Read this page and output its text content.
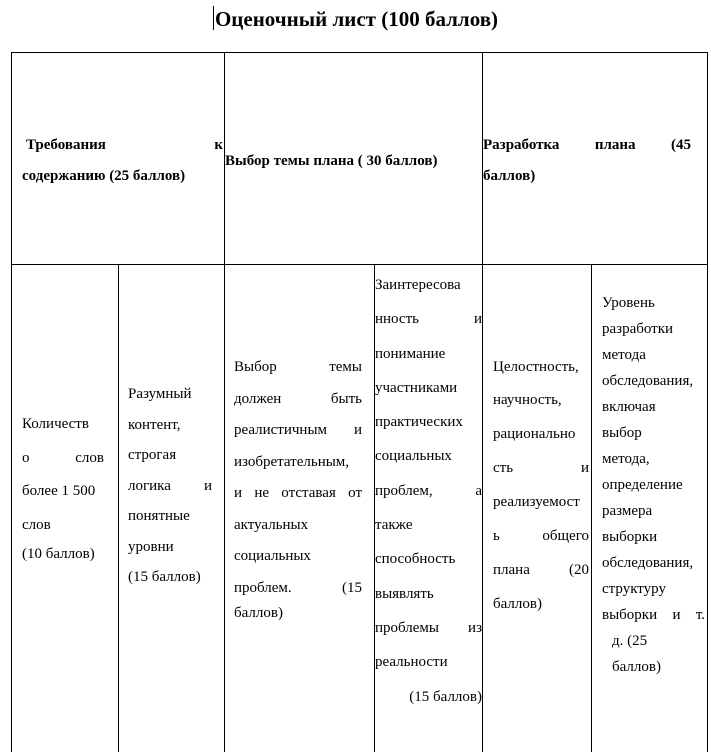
Оценочный лист (100 баллов)
Требования	к
содержанию (25 баллов)
Выбор темы плана ( 30 баллов)
Разработка плана (45
баллов)
Количеств
о слов
более 1 500
слов
(10 баллов)
Разумный
контент,
строгая
логика и
понятные
уровни
(15 баллов)
Выбор темы
должен быть
реалистичным и
изобретательным,
и не отставая от
актуальных
социальных
проблем. (15
баллов)
Заинтересова
нность и
понимание
участниками
практических
социальных
проблем, а
также
способность
выявлять
проблемы из
реальности
(15 баллов)
Целостность,
научность,
рациональнo
сть и
реализуемост
ь общего
плана (20
баллов)
Уровень
разработки
метода
обследования,
включая
выбор
метода,
определение
размера
выборки
обследования,
структуру
выборки и т.
д. (25
баллов)
